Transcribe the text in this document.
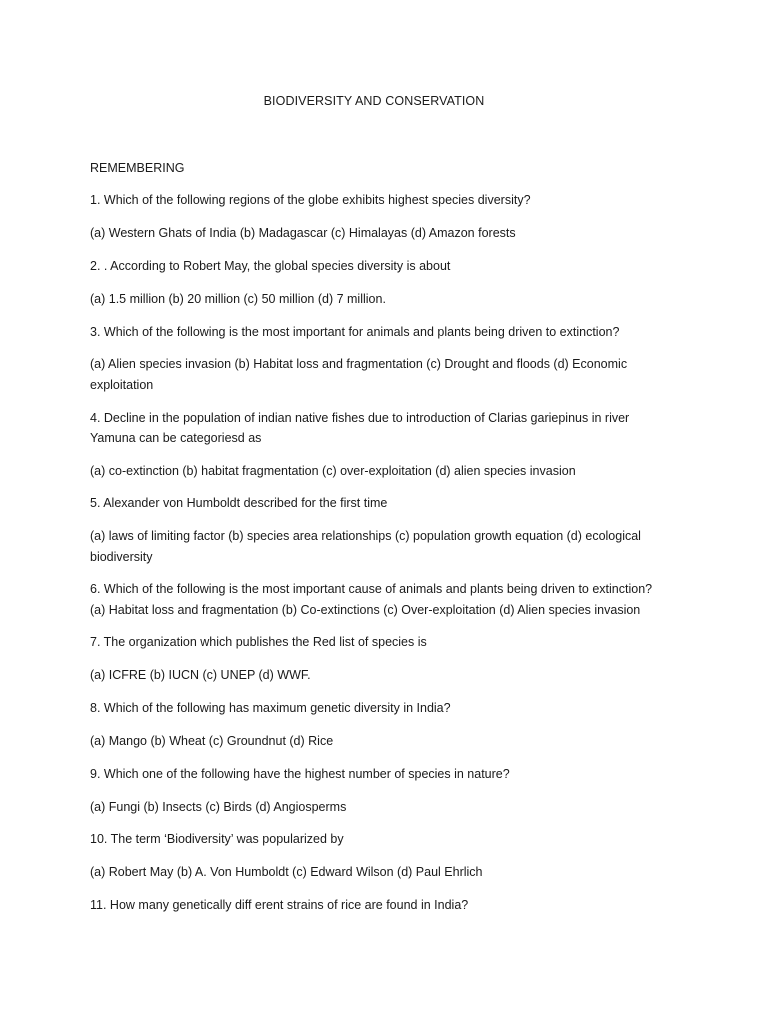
BIODIVERSITY AND CONSERVATION
REMEMBERING
1. Which of the following regions of the globe exhibits highest species diversity?
(a) Western Ghats of India (b) Madagascar (c) Himalayas (d) Amazon forests
2. . According to Robert May, the global species diversity is about
(a) 1.5 million (b) 20 million (c) 50 million (d) 7 million.
3. Which of the following is the most important for animals and plants being driven to extinction?
(a) Alien species invasion (b) Habitat loss and fragmentation (c) Drought and floods (d) Economic
exploitation
4. Decline in the population of indian native fishes due to introduction of Clarias gariepinus in river
Yamuna can be categoriesd as
(a) co-extinction (b) habitat fragmentation (c) over-exploitation (d) alien species invasion
5. Alexander von Humboldt described for the first time
(a) laws of limiting factor (b) species area relationships (c) population growth equation (d) ecological
biodiversity
6. Which of the following is the most important cause of animals and plants being driven to extinction?
(a) Habitat loss and fragmentation (b) Co-extinctions (c) Over-exploitation (d) Alien species invasion
7. The organization which publishes the Red list of species is
(a) ICFRE (b) IUCN (c) UNEP (d) WWF.
8. Which of the following has maximum genetic diversity in India?
(a) Mango (b) Wheat (c) Groundnut (d) Rice
9. Which one of the following have the highest number of species in nature?
(a) Fungi (b) Insects (c) Birds (d) Angiosperms
10. The term ‘Biodiversity’ was popularized by
(a) Robert May (b) A. Von Humboldt (c) Edward Wilson (d) Paul Ehrlich
11. How many genetically diff erent strains of rice are found in India?
